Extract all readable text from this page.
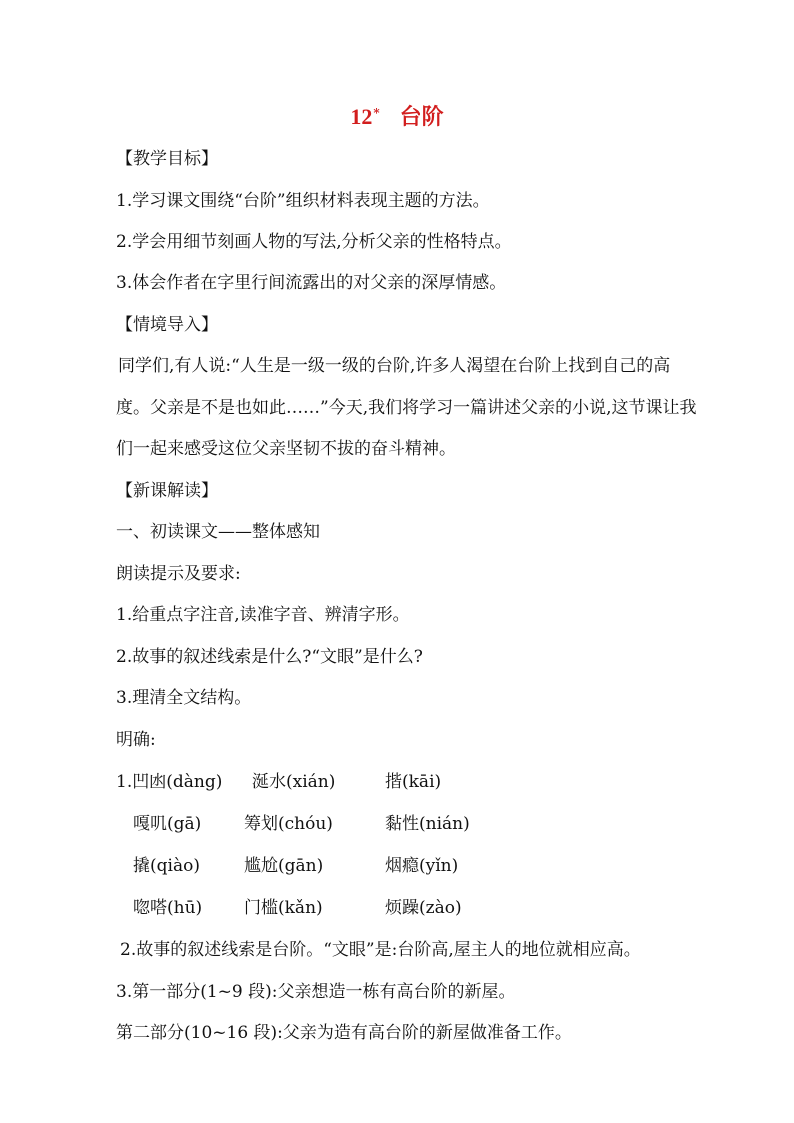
12* 台阶
【教学目标】
1.学习课文围绕“台阶”组织材料表现主题的方法。
2.学会用细节刻画人物的写法,分析父亲的性格特点。
3.体会作者在字里行间流露出的对父亲的深厚情感。
【情境导入】
同学们,有人说:“人生是一级一级的台阶,许多人渴望在台阶上找到自己的高
度。父亲是不是也如此……”今天,我们将学习一篇讲述父亲的小说,这节课让我
们一起来感受这位父亲坚韧不拔的奋斗精神。
【新课解读】
一、初读课文——整体感知
朗读提示及要求:
1.给重点字注音,读准字音、辨清字形。
2.故事的叙述线索是什么?“文眼”是什么?
3.理清全文结构。
明确:
1.凹凼(dàng) 涎水(xián)	揩(kāi)
嘎叽(gā)	筹划(chóu)	黏性(nián)
撬(qiào)	尴尬(gān)	烟瘾(yǐn)
唿嗒(hū) 门槛(kǎn)	烦躁(zào)
2.故事的叙述线索是台阶。“文眼”是:台阶高,屋主人的地位就相应高。
3.第一部分(1~9 段):父亲想造一栋有高台阶的新屋。
第二部分(10~16 段):父亲为造有高台阶的新屋做准备工作。
